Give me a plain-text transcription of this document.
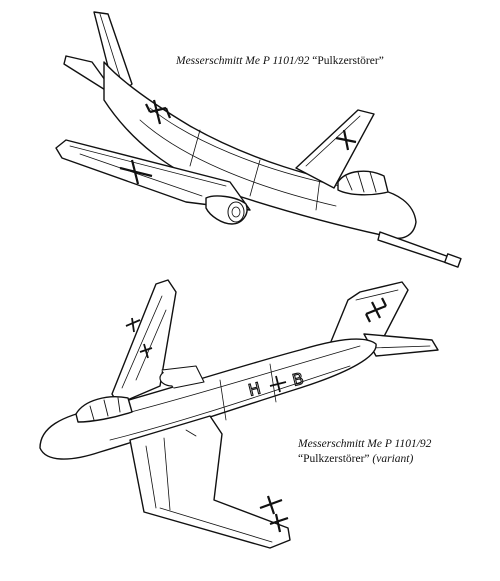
H B
Messerschmitt Me P 1101/92 “Pulkzerstörer”
Messerschmitt Me P 1101/92
“Pulkzerstörer” (variant)
